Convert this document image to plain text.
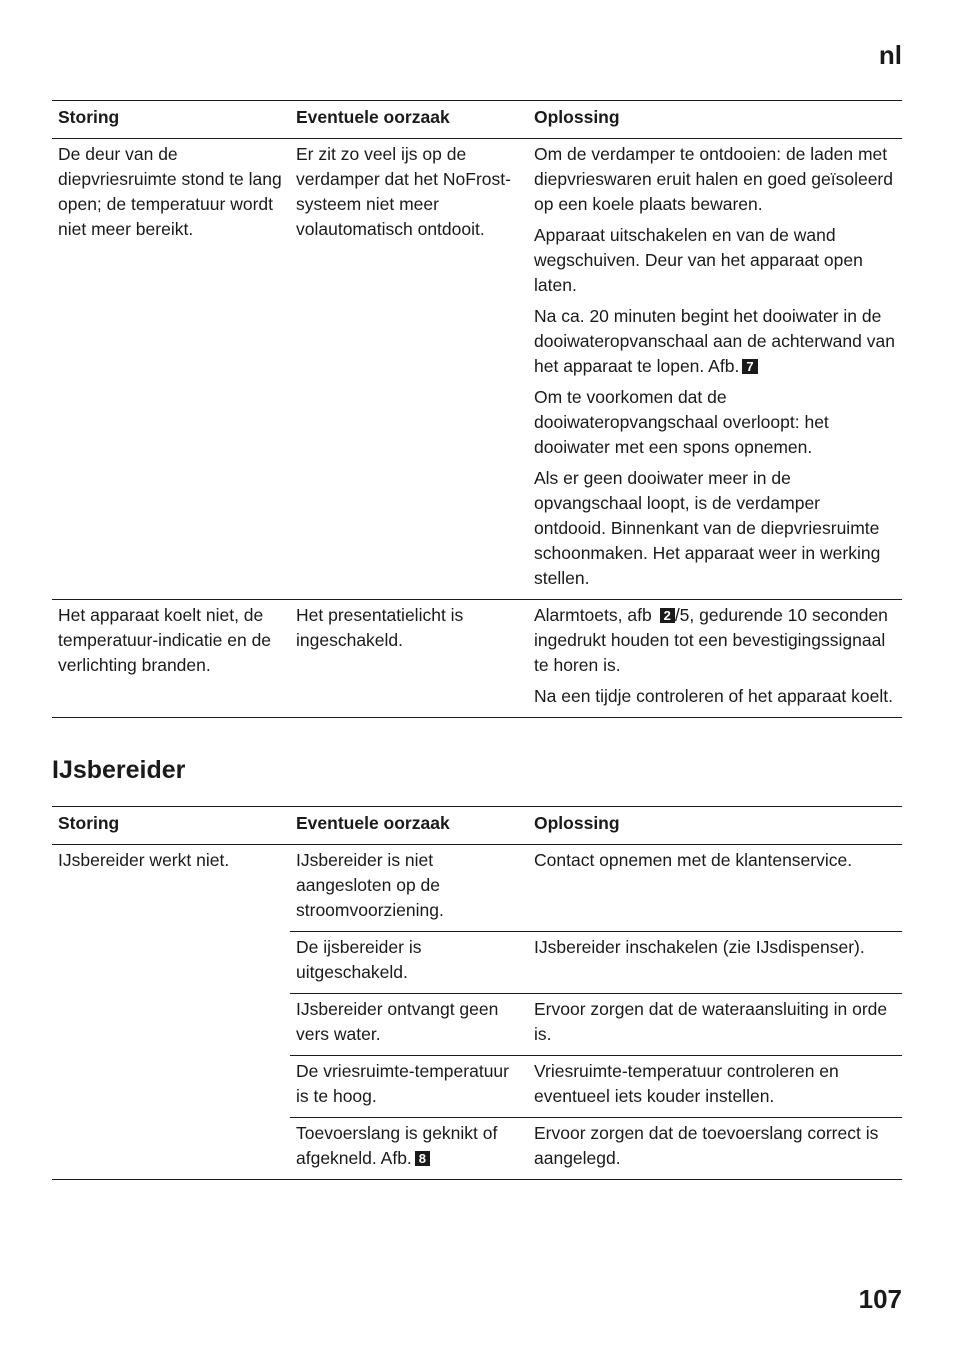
nl
Storing	Eventuele oorzaak	Oplossing
De deur van de diepvriesruimte stond te lang open; de temperatuur wordt niet meer bereikt.	Er zit zo veel ijs op de verdamper dat het NoFrost-systeem niet meer volautomatisch ontdooit.	Om de verdamper te ontdooien: de laden met diepvrieswaren eruit halen en goed geïsoleerd op een koele plaats bewaren.

Apparaat uitschakelen en van de wand wegschuiven. Deur van het apparaat open laten.

Na ca. 20 minuten begint het dooiwater in de dooiwateropvanschaal aan de achterwand van het apparaat te lopen. Afb. 7

Om te voorkomen dat de dooiwateropvangschaal overloopt: het dooiwater met een spons opnemen.

Als er geen dooiwater meer in de opvangschaal loopt, is de verdamper ontdooid. Binnenkant van de diepvriesruimte schoonmaken. Het apparaat weer in werking stellen.

Het apparaat koelt niet, de temperatuur-indicatie en de verlichting branden.	Het presentatielicht is ingeschakeld.	Alarmtoets, afb 2 /5, gedurende 10 seconden ingedrukt houden tot een bevestigingssignaal te horen is.

Na een tijdje controleren of het apparaat koelt.

IJsbereider
Storing	Eventuele oorzaak	Oplossing
IJsbereider werkt niet.	IJsbereider is niet aangesloten op de stroomvoorziening.	Contact opnemen met de klantenservice.
	De ijsbereider is uitgeschakeld.	IJsbereider inschakelen (zie IJsdispenser).
	IJsbereider ontvangt geen vers water.	Ervoor zorgen dat de wateraansluiting in orde is.
	De vriesruimte-temperatuur is te hoog.	Vriesruimte-temperatuur controleren en eventueel iets kouder instellen.
	Toevoerslang is geknikt of afgekneld. Afb. 8	Ervoor zorgen dat de toevoerslang correct is aangelegd.
107
